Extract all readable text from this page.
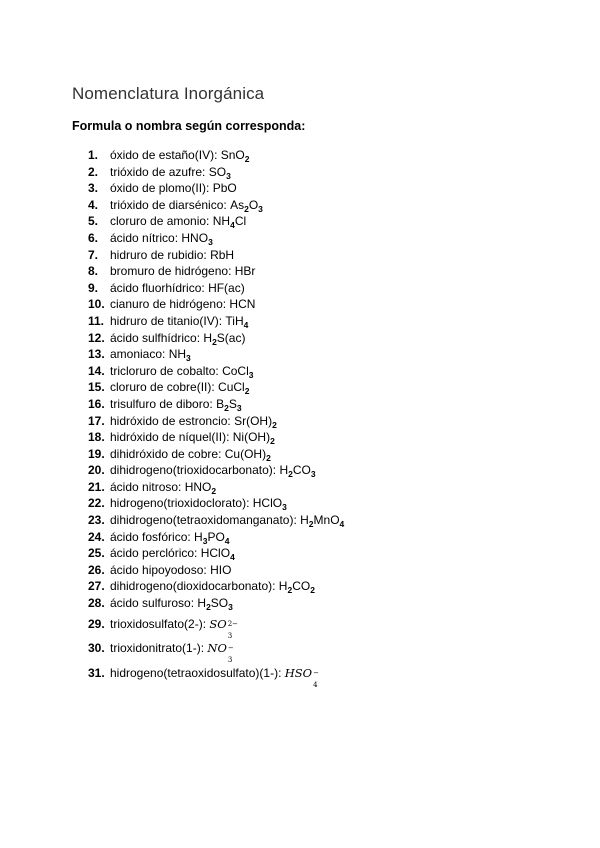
Nomenclatura Inorgánica
Formula o nombra según corresponda:
1. óxido de estaño(IV): SnO$_2$
2. trióxido de azufre: $SO_3$
3. óxido de plomo(II): PbO
4. trióxido de diarsénico: $As_2O_3$
5. cloruro de amonio: $NH_4Cl$
6. ácido nítrico: $HNO_3$
7. hidruro de rubidio: RbH
8. bromuro de hidrógeno: HBr
9. ácido fluorhídrico: HF(ac)
10. cianuro de hidrógeno: HCN
11. hidruro de titanio(IV): TiH$_4$
12. ácido sulfhídrico: $H_2S(ac)$
13. amoniaco: $NH_3$
14. tricloruro de cobalto: CoCl$_3$
15. cloruro de cobre(II): CuCl$_2$
16. trisulfuro de diboro: $B_2S_3$
17. hidróxido de estroncio: $Sr(OH)_2$
18. hidróxido de níquel(II): $Ni(OH)_2$
19. dihidróxido de cobre: $Cu(OH)_2$
20. dihidrogeno(trioxidocarbonato): $H_2CO_3$
21. ácido nitroso: $HNO_2$
22. hidrogeno(trioxidoclorato): HClO$_3$
23. dihidrogeno(tetraoxidomanganato): $H_2MnO_4$
24. ácido fosfórico: $H_3PO_4$
25. ácido perclórico: HClO$_4$
26. ácido hipoyodoso: HIO
27. dihidrogeno(dioxidocarbonato): $H_2CO_2$
28. ácido sulfuroso: $H_2SO_3$
29. trioxidosulfato(2-): SO 2−
3
30. trioxidonitrato(1-): NO −
3
31. hidrogeno(tetraoxidosulfato)(1-): HSO −
4
